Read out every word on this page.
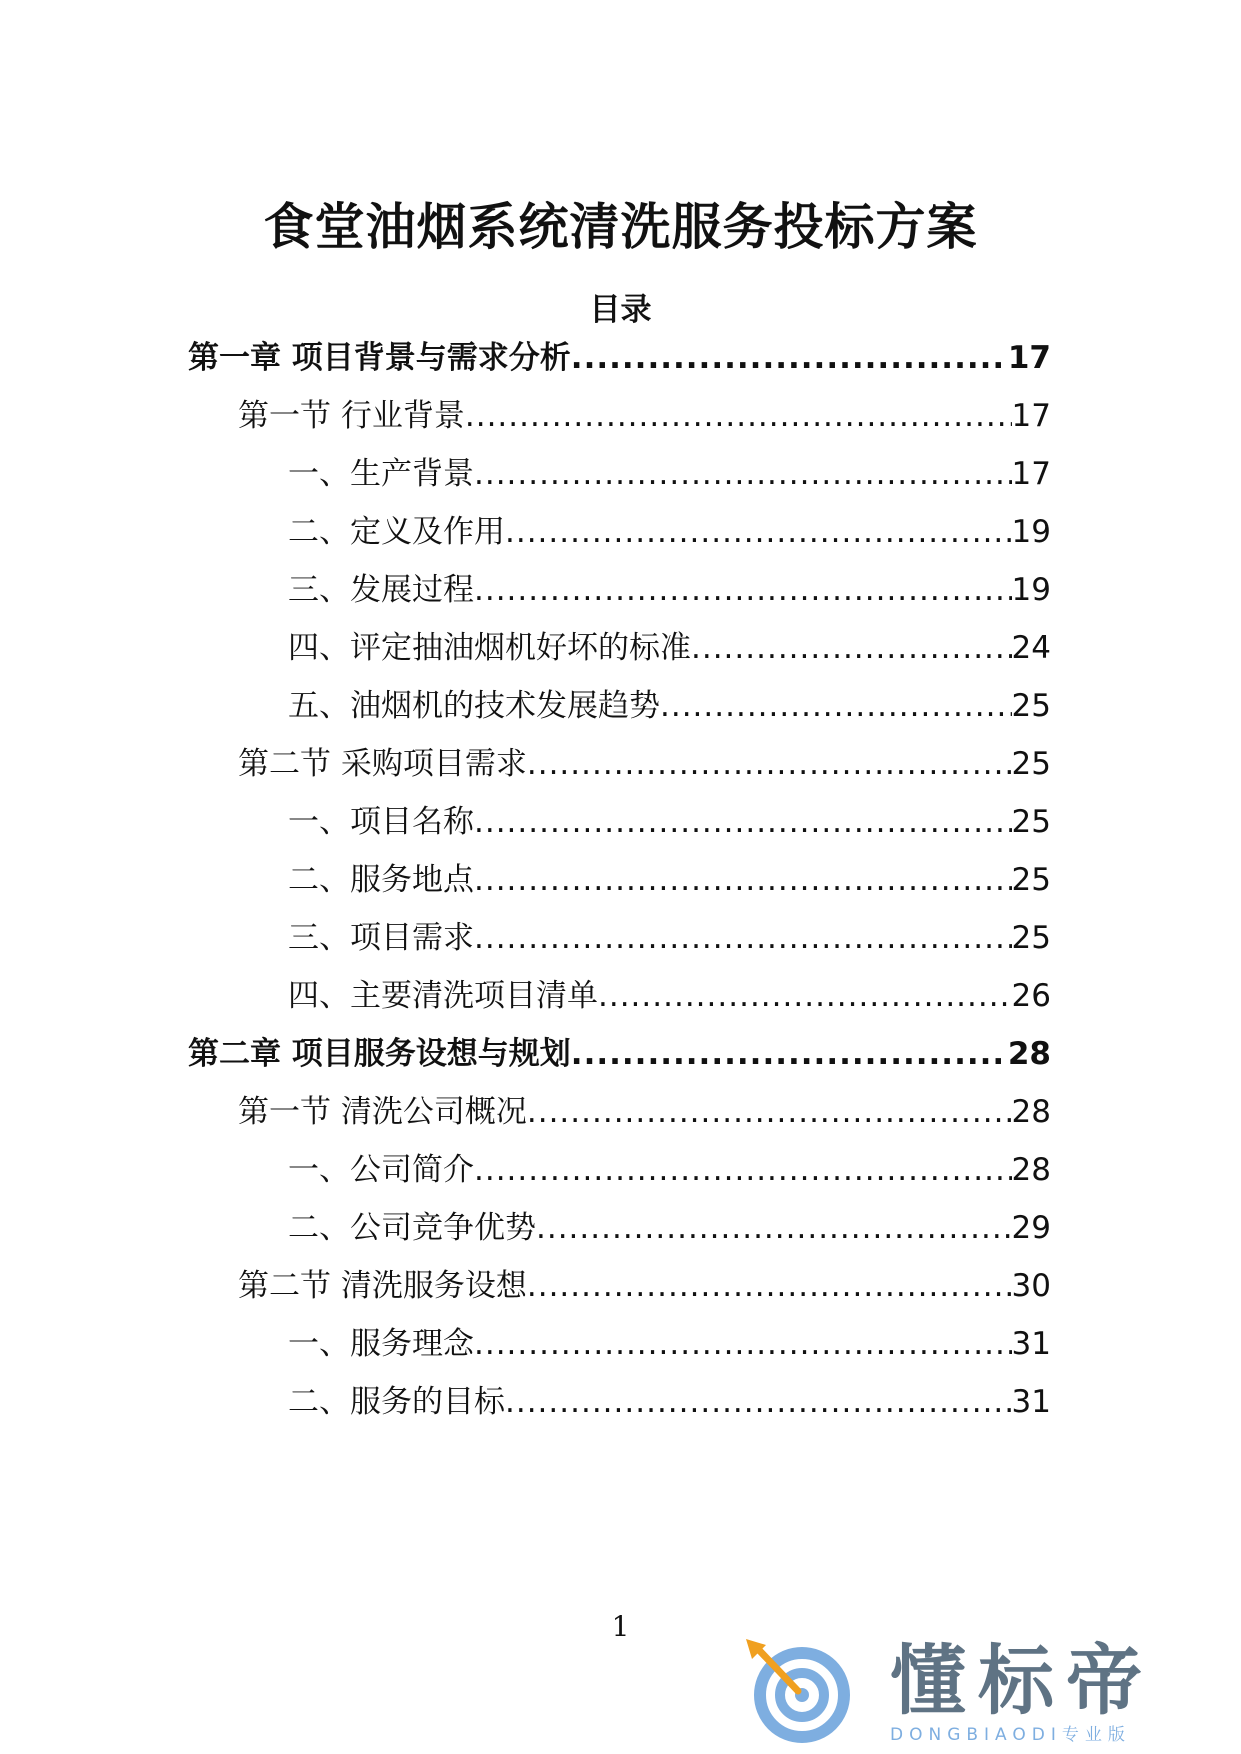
食堂油烟系统清洗服务投标方案
目录
第一章 项目背景与需求分析 .....	17
第一节 行业背景 .....	17
一、生产背景 .....	17
二、定义及作用 .....	19
三、发展过程 .....	19
四、评定抽油烟机好坏的标准 .....	24
五、油烟机的技术发展趋势 .....	25
第二节 采购项目需求 .....	25
一、项目名称 .....	25
二、服务地点 .....	25
三、项目需求 .....	25
四、主要清洗项目清单 .....	26
第二章 项目服务设想与规划 .....	28
第一节 清洗公司概况 .....	28
一、公司简介 .....	28
二、公司竞争优势 .....	29
第二节 清洗服务设想 .....	30
一、服务理念 .....	31
二、服务的目标 .....	31
1
懂标帝
DONGBIAODI专业版
